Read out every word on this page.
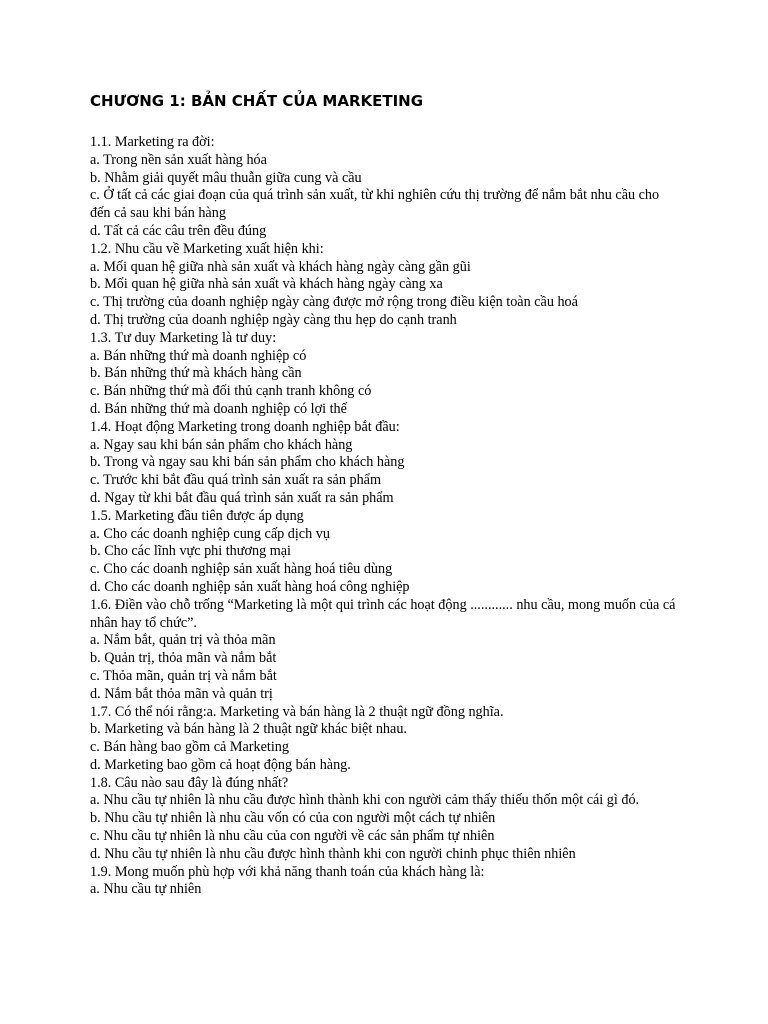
CHƯƠNG 1: BẢN CHẤT CỦA MARKETING

1.1. Marketing ra đời:

a. Trong nền sản xuất hàng hóa

b. Nhằm giải quyết mâu thuẫn giữa cung và cầu

c. Ở tất cả các giai đoạn của quá trình sản xuất, từ khi nghiên cứu thị trường để nắm bắt nhu cầu cho đến cả sau khi bán hàng

d. Tất cả các câu trên đều đúng

1.2. Nhu cầu về Marketing xuất hiện khi:

a. Mối quan hệ giữa nhà sản xuất và khách hàng ngày càng gần gũi

b. Mối quan hệ giữa nhà sản xuất và khách hàng ngày càng xa

c. Thị trường của doanh nghiệp ngày càng được mở rộng trong điều kiện toàn cầu hoá

d. Thị trường của doanh nghiệp ngày càng thu hẹp do cạnh tranh

1.3. Tư duy Marketing là tư duy:

a. Bán những thứ mà doanh nghiệp có

b. Bán những thứ mà khách hàng cần

c. Bán những thứ mà đối thủ cạnh tranh không có

d. Bán những thứ mà doanh nghiệp có lợi thế

1.4. Hoạt động Marketing trong doanh nghiệp bắt đầu:

a. Ngay sau khi bán sản phẩm cho khách hàng

b. Trong và ngay sau khi bán sản phẩm cho khách hàng

c. Trước khi bắt đầu quá trình sản xuất ra sản phẩm

d. Ngay từ khi bắt đầu quá trình sản xuất ra sản phẩm

1.5. Marketing đầu tiên được áp dụng

a. Cho các doanh nghiệp cung cấp dịch vụ

b. Cho các lĩnh vực phi thương mại

c. Cho các doanh nghiệp sản xuất hàng hoá tiêu dùng

d. Cho các doanh nghiệp sản xuất hàng hoá công nghiệp

1.6. Điền vào chỗ trống “Marketing là một qui trình các hoạt động ............ nhu cầu, mong muốn của cá nhân hay tổ chức”.

a. Nắm bắt, quản trị và thỏa mãn

b. Quản trị, thỏa mãn và nắm bắt

c. Thỏa mãn, quản trị và nắm bắt

d. Nắm bắt thỏa mãn và quản trị

1.7. Có thể nói rằng:a. Marketing và bán hàng là 2 thuật ngữ đồng nghĩa.

b. Marketing và bán hàng là 2 thuật ngữ khác biệt nhau.

c. Bán hàng bao gồm cả Marketing

d. Marketing bao gồm cả hoạt động bán hàng.

1.8. Câu nào sau đây là đúng nhất?

a. Nhu cầu tự nhiên là nhu cầu được hình thành khi con người cảm thấy thiếu thốn một cái gì đó.

b. Nhu cầu tự nhiên là nhu cầu vốn có của con người một cách tự nhiên

c. Nhu cầu tự nhiên là nhu cầu của con người về các sản phẩm tự nhiên

d. Nhu cầu tự nhiên là nhu cầu được hình thành khi con người chinh phục thiên nhiên

1.9. Mong muốn phù hợp với khả năng thanh toán của khách hàng là:

a. Nhu cầu tự nhiên
